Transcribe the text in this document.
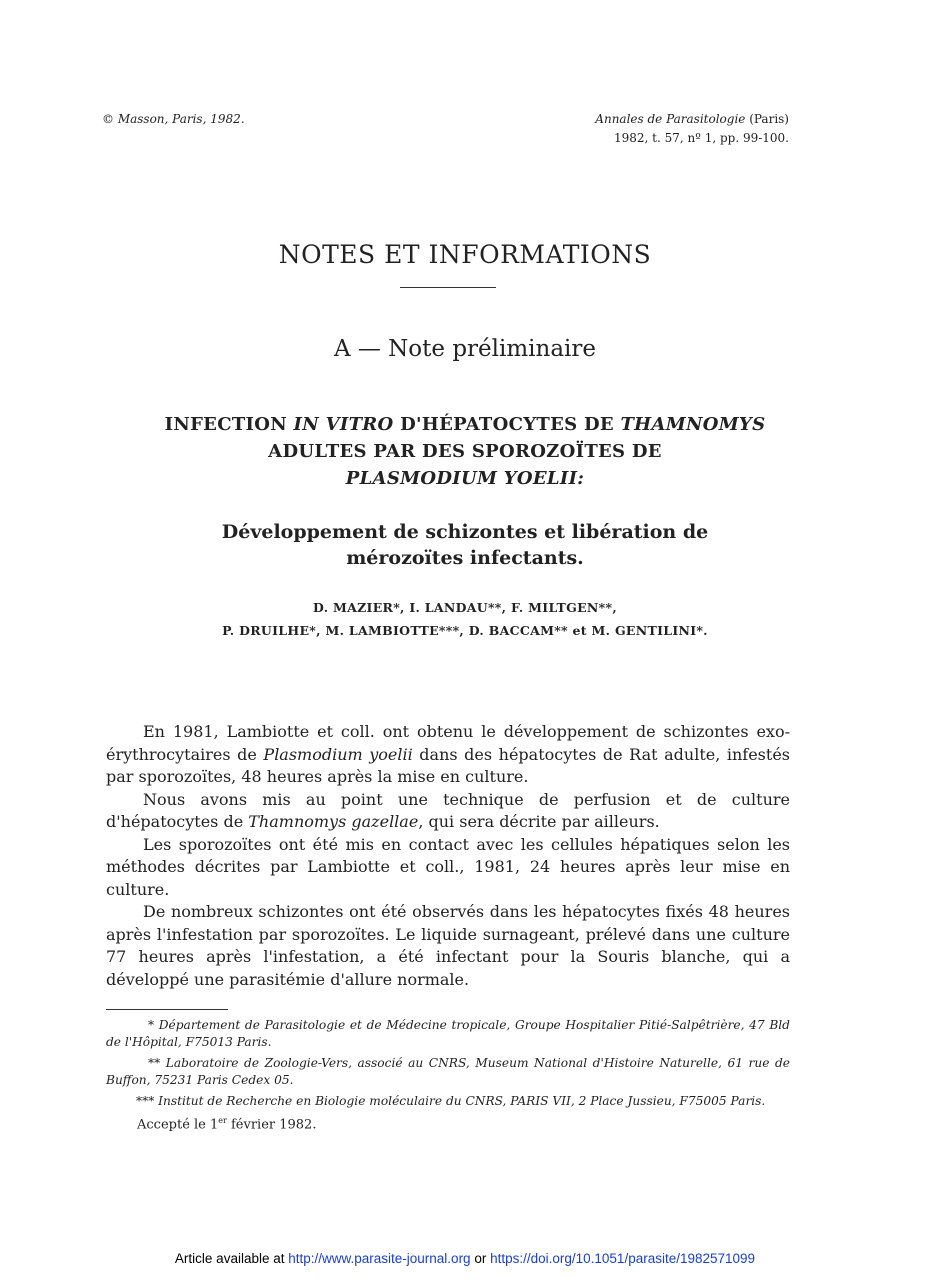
© Masson, Paris, 1982.	Annales de Parasitologie (Paris)
1982, t. 57, nº 1, pp. 99-100.
NOTES ET INFORMATIONS
A — Note préliminaire
INFECTION IN VITRO D'HÉPATOCYTES DE THAMNOMYS
ADULTES PAR DES SPOROZOÏTES DE
PLASMODIUM YOELII:
Développement de schizontes et libération de
mérozoïtes infectants.
D. MAZIER*, I. LANDAU**, F. MILTGEN**,
P. DRUILHE*, M. LAMBIOTTE***, D. BACCAM** et M. GENTILINI*.

En 1981, Lambiotte et coll. ont obtenu le développement de schizontes exo-érythrocytaires de Plasmodium yoelii dans des hépatocytes de Rat adulte, infestés par sporozoïtes, 48 heures après la mise en culture.

Nous avons mis au point une technique de perfusion et de culture d'hépatocytes de Thamnomys gazellae, qui sera décrite par ailleurs.

Les sporozoïtes ont été mis en contact avec les cellules hépatiques selon les méthodes décrites par Lambiotte et coll., 1981, 24 heures après leur mise en culture.

De nombreux schizontes ont été observés dans les hépatocytes fixés 48 heures après l'infestation par sporozoïtes. Le liquide surnageant, prélevé dans une culture 77 heures après l'infestation, a été infectant pour la Souris blanche, qui a développé une parasitémie d'allure normale.

* Département de Parasitologie et de Médecine tropicale, Groupe Hospitalier Pitié-Salpêtrière, 47 Bld de l'Hôpital, F75013 Paris.

** Laboratoire de Zoologie-Vers, associé au CNRS, Museum National d'Histoire Naturelle, 61 rue de Buffon, 75231 Paris Cedex 05.

*** Institut de Recherche en Biologie moléculaire du CNRS, PARIS VII, 2 Place Jussieu, F75005 Paris.

Accepté le 1er février 1982.
Article available at http://www.parasite-journal.org or https://doi.org/10.1051/parasite/1982571099
